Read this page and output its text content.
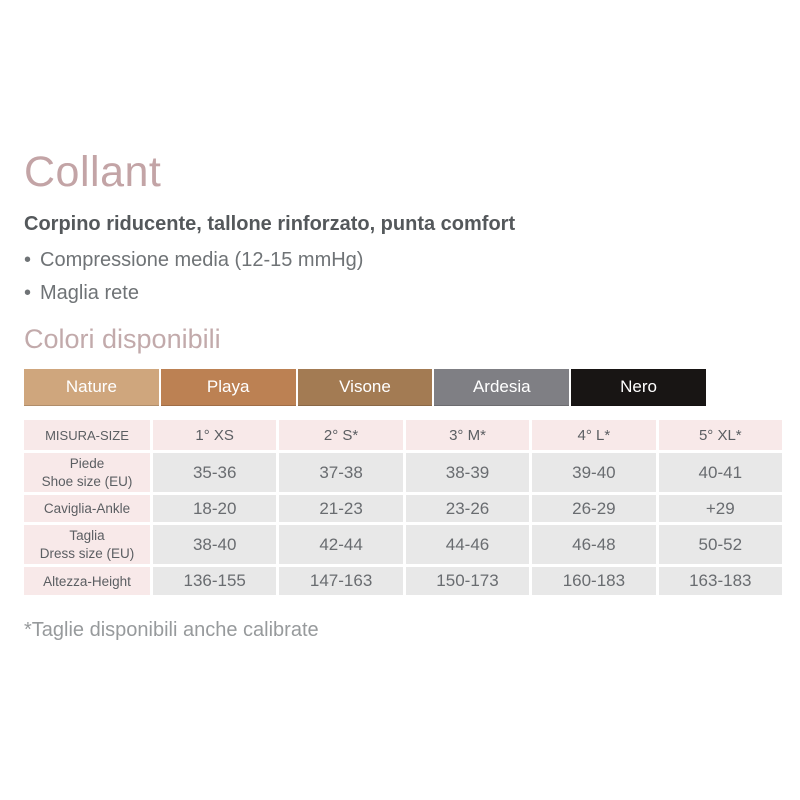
Collant

Corpino riducente, tallone rinforzato, punta comfort

• Compressione media (12-15 mmHg)
• Maglia rete
Colori disponibili
Nature	Playa	Visone	Ardesia	Nero
MISURA-SIZE	1° XS	2° S*	3° M*	4° L*	5° XL*
Piede
Shoe size (EU)	35-36	37-38	38-39	39-40	40-41
Caviglia-Ankle	18-20	21-23	23-26	26-29	+29
Taglia
Dress size (EU)	38-40	42-44	44-46	46-48	50-52
Altezza-Height	136-155	147-163	150-173	160-183	163-183

*Taglie disponibili anche calibrate
